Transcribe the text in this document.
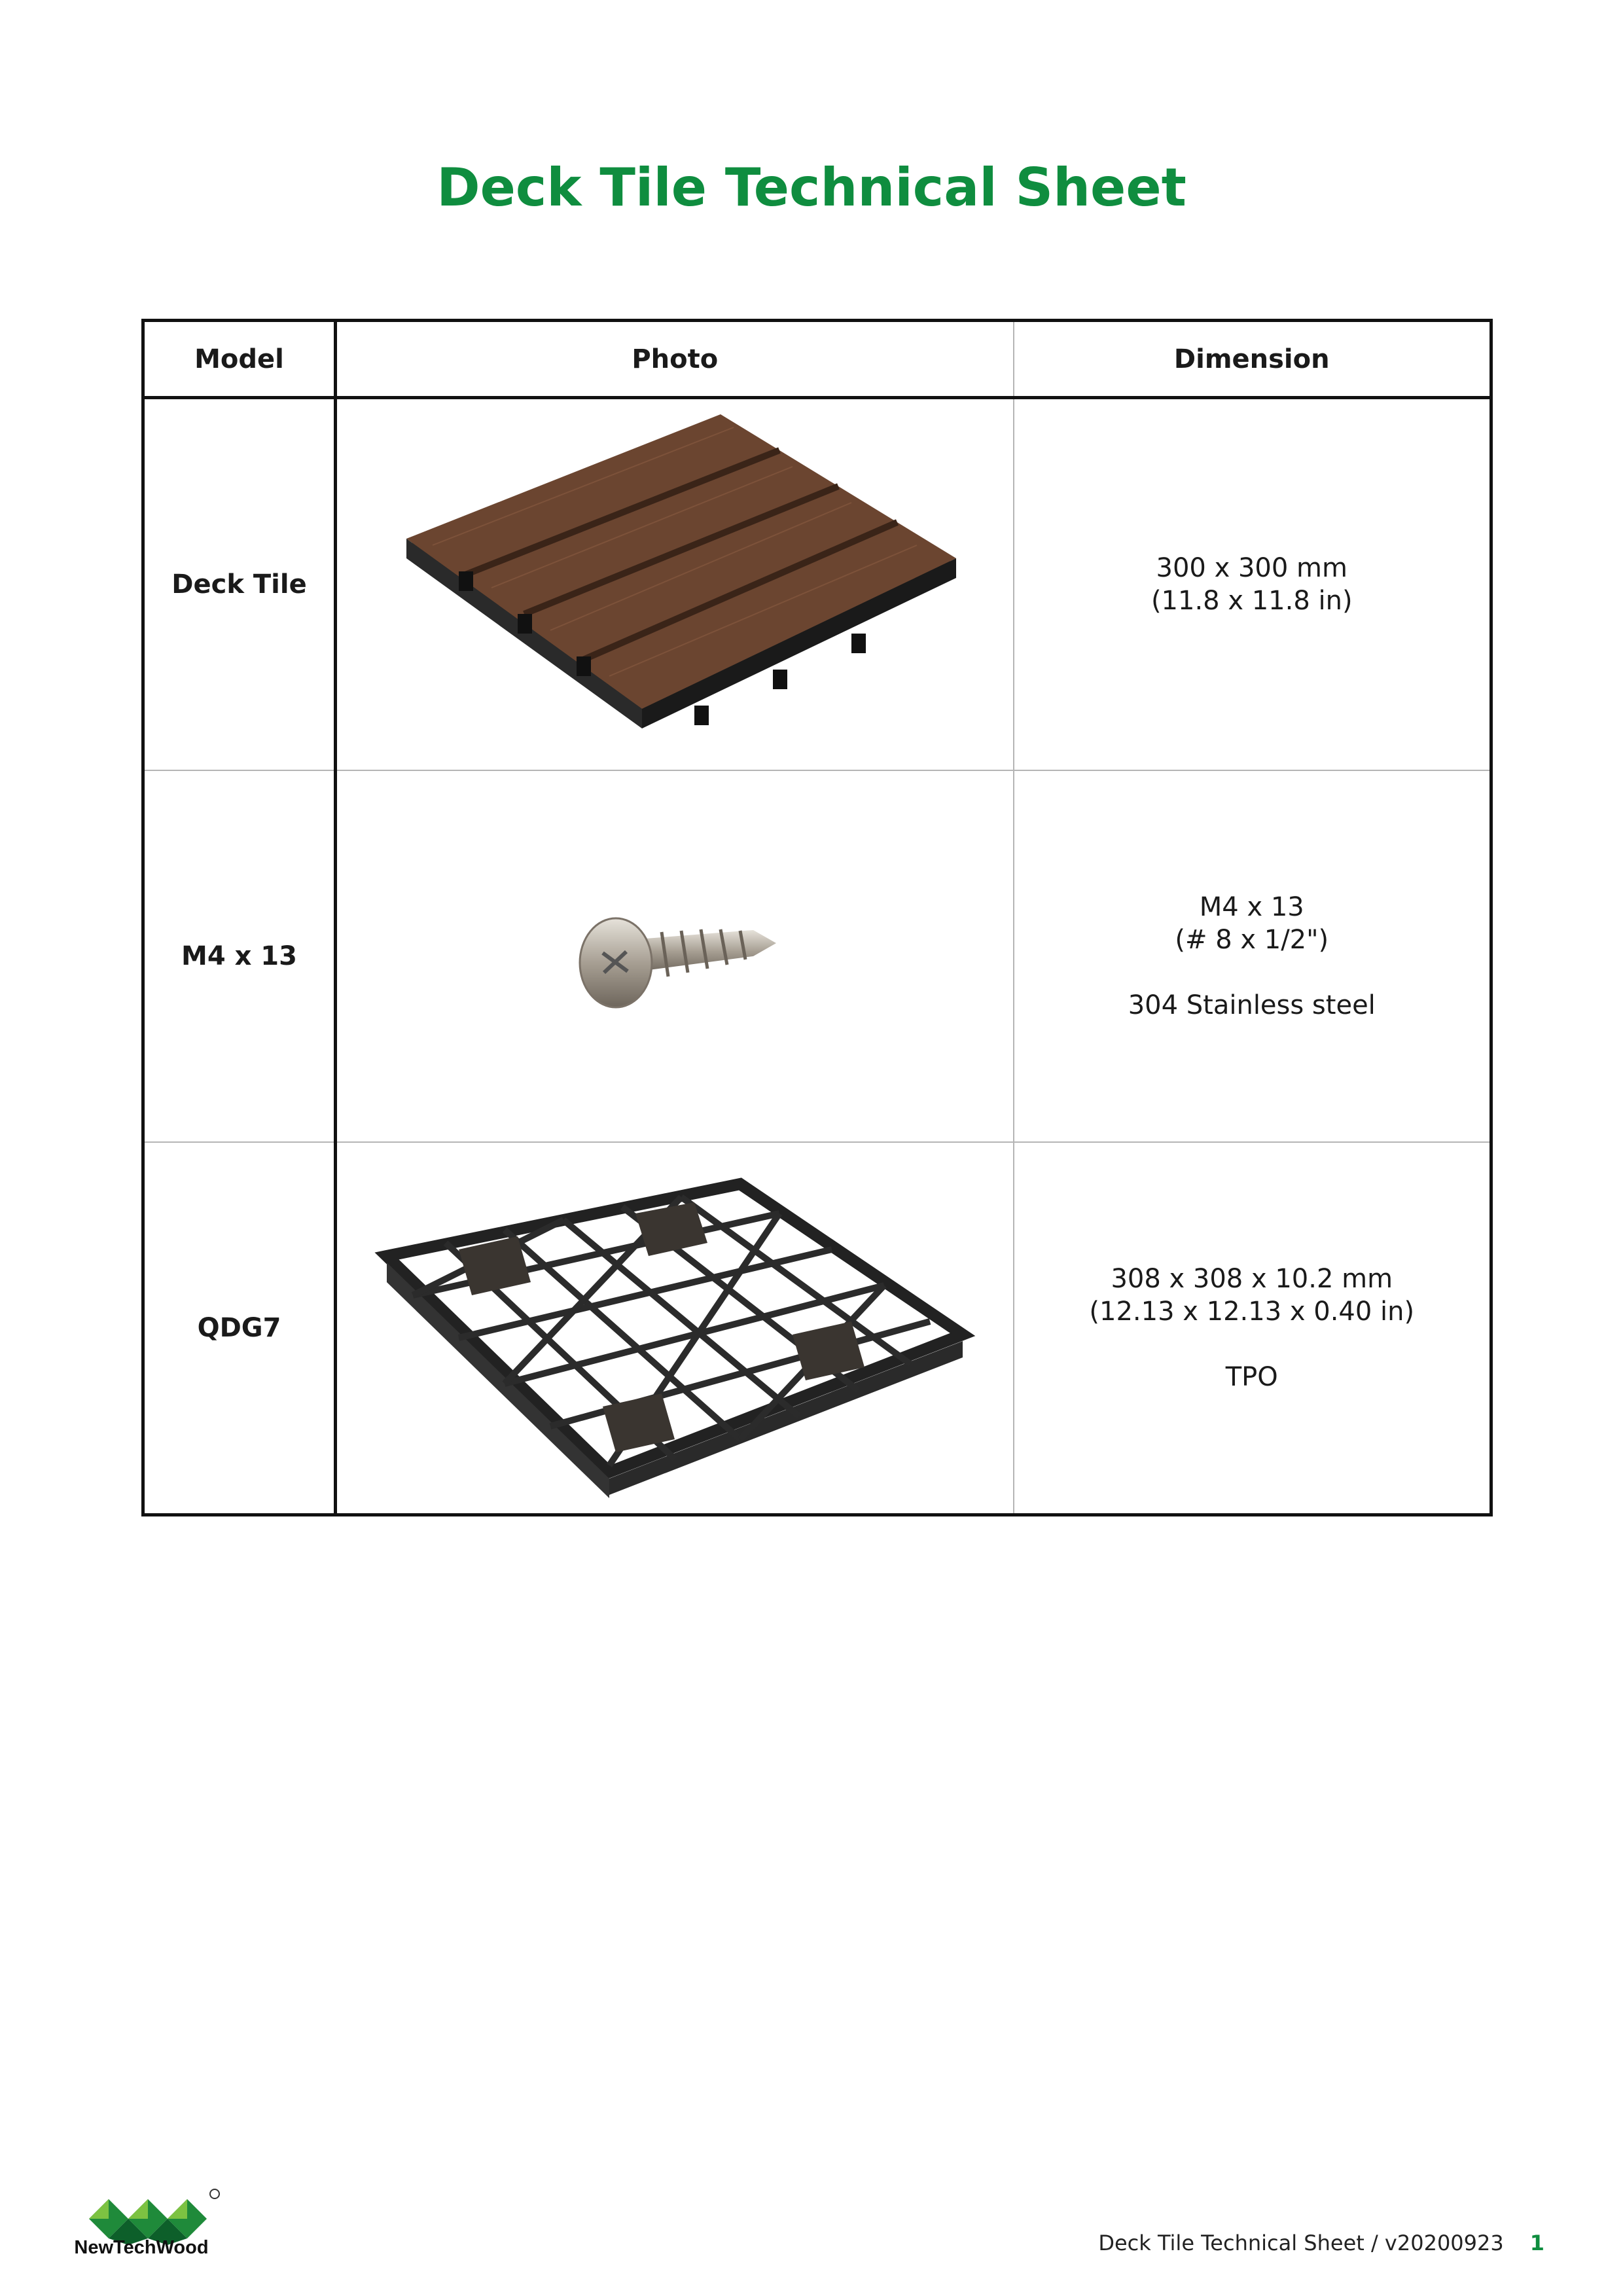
Deck Tile Technical Sheet
Model	Photo	Dimension
Deck Tile		300 x 300 mm
(11.8 x 11.8 in)

M4 x 13		M4 x 13
(# 8 x 1/2")
304 Stainless steel

QDG7		308 x 308 x 10.2 mm
(12.13 x 12.13 x 0.40 in)
TPO
NewTechWood	Deck Tile Technical Sheet / v20200923 1
